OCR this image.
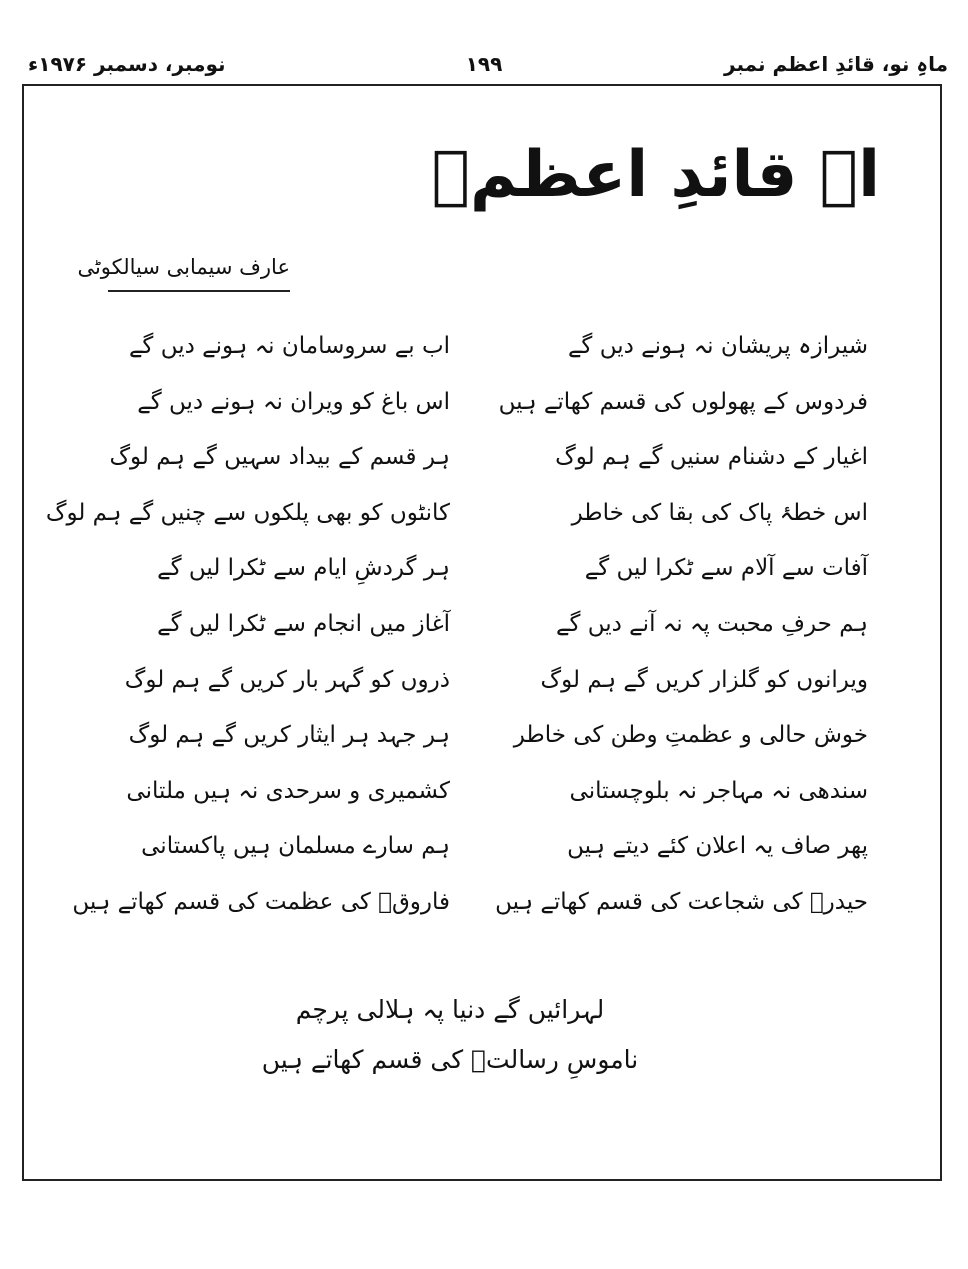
ماہِ نو، قائدِ اعظم نمبر
۱۹۹
نومبر، دسمبر ۱۹۷۶ء
اے قائدِ اعظمؒ
عارف سیمابی سیالکوٹی
شیرازہ پریشان نہ ہونے دیں گے
اب بے سروسامان نہ ہونے دیں گے
فردوس کے پھولوں کی قسم کھاتے ہیں
اس باغ کو ویران نہ ہونے دیں گے
اغیار کے دشنام سنیں گے ہم لوگ
ہر قسم کے بیداد سہیں گے ہم لوگ
اس خطۂ پاک کی بقا کی خاطر
کانٹوں کو بھی پلکوں سے چنیں گے ہم لوگ
آفات سے آلام سے ٹکرا لیں گے
ہر گردشِ ایام سے ٹکرا لیں گے
ہم حرفِ محبت پہ نہ آنے دیں گے
آغاز میں انجام سے ٹکرا لیں گے
ویرانوں کو گلزار کریں گے ہم لوگ
ذروں کو گہر بار کریں گے ہم لوگ
خوش حالی و عظمتِ وطن کی خاطر
ہر جہد ہر ایثار کریں گے ہم لوگ
سندھی نہ مہاجر نہ بلوچستانی
کشمیری و سرحدی نہ ہیں ملتانی
پھر صاف یہ اعلان کئے دیتے ہیں
ہم سارے مسلمان ہیں پاکستانی
حیدرؓ کی شجاعت کی قسم کھاتے ہیں
فاروقؓ کی عظمت کی قسم کھاتے ہیں
لہرائیں گے دنیا پہ ہلالی پرچم
ناموسِ رسالتؐ کی قسم کھاتے ہیں
